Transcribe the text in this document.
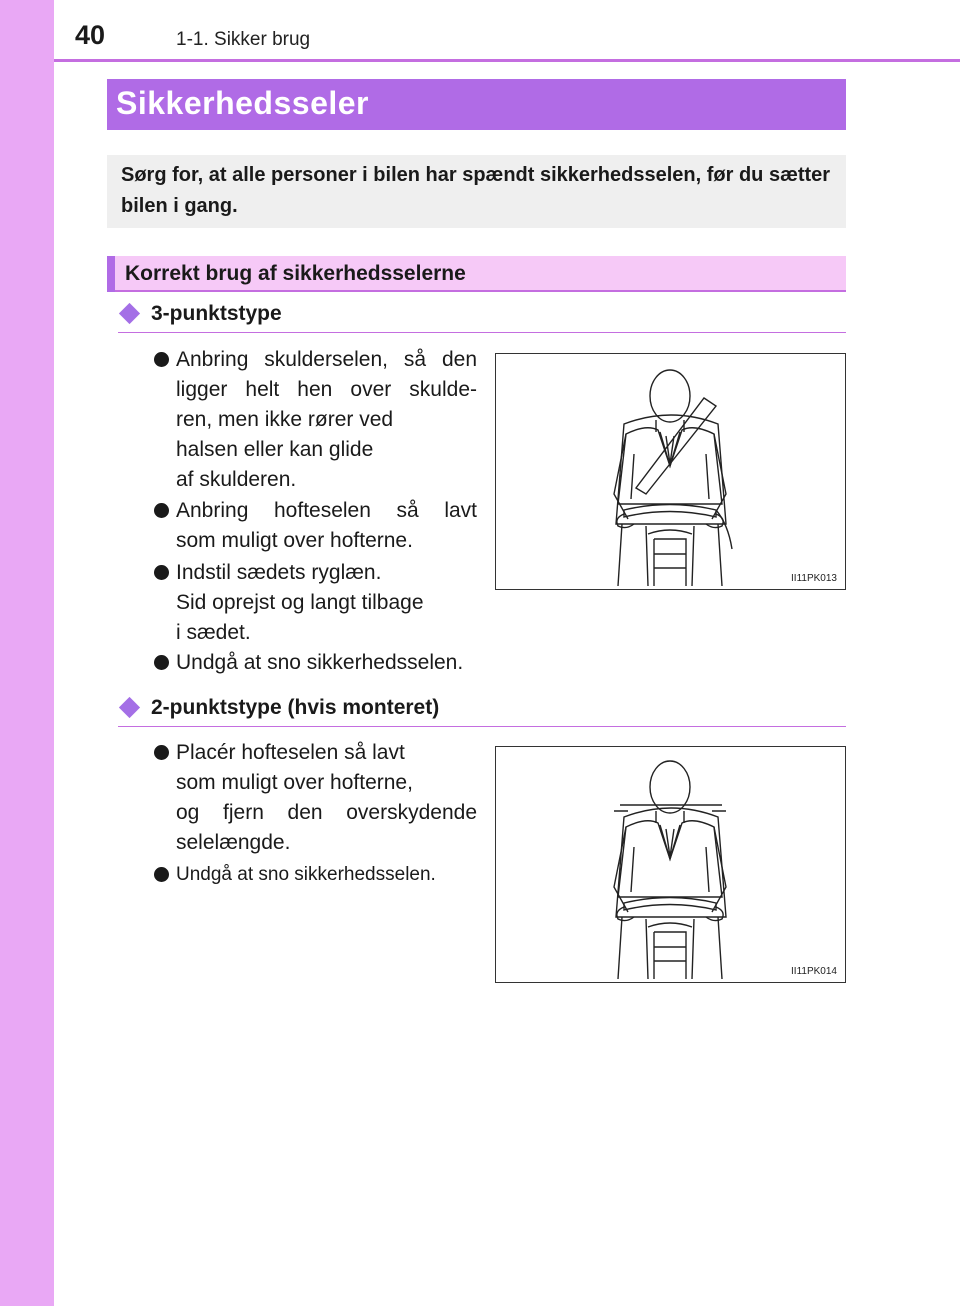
40	1-1. Sikker brug
Sikkerhedsseler
Sørg for, at alle personer i bilen har spændt sikkerhedsselen, før du sætter bilen i gang.
Korrekt brug af sikkerhedsselerne
3-punktstype
Anbring skulderselen, så den
ligger helt hen over skulde-
ren, men ikke rører ved
halsen eller kan glide
af skulderen.
Anbring hofteselen så lavt
som muligt over hofterne.
Indstil sædets ryglæn.
Sid oprejst og langt tilbage
i sædet.
Undgå at sno sikkerhedsselen.
II11PK013
2-punktstype (hvis monteret)
Placér hofteselen så lavt
som muligt over hofterne,
og fjern den overskydende
selelængde.
Undgå at sno sikkerhedsselen.
II11PK014
